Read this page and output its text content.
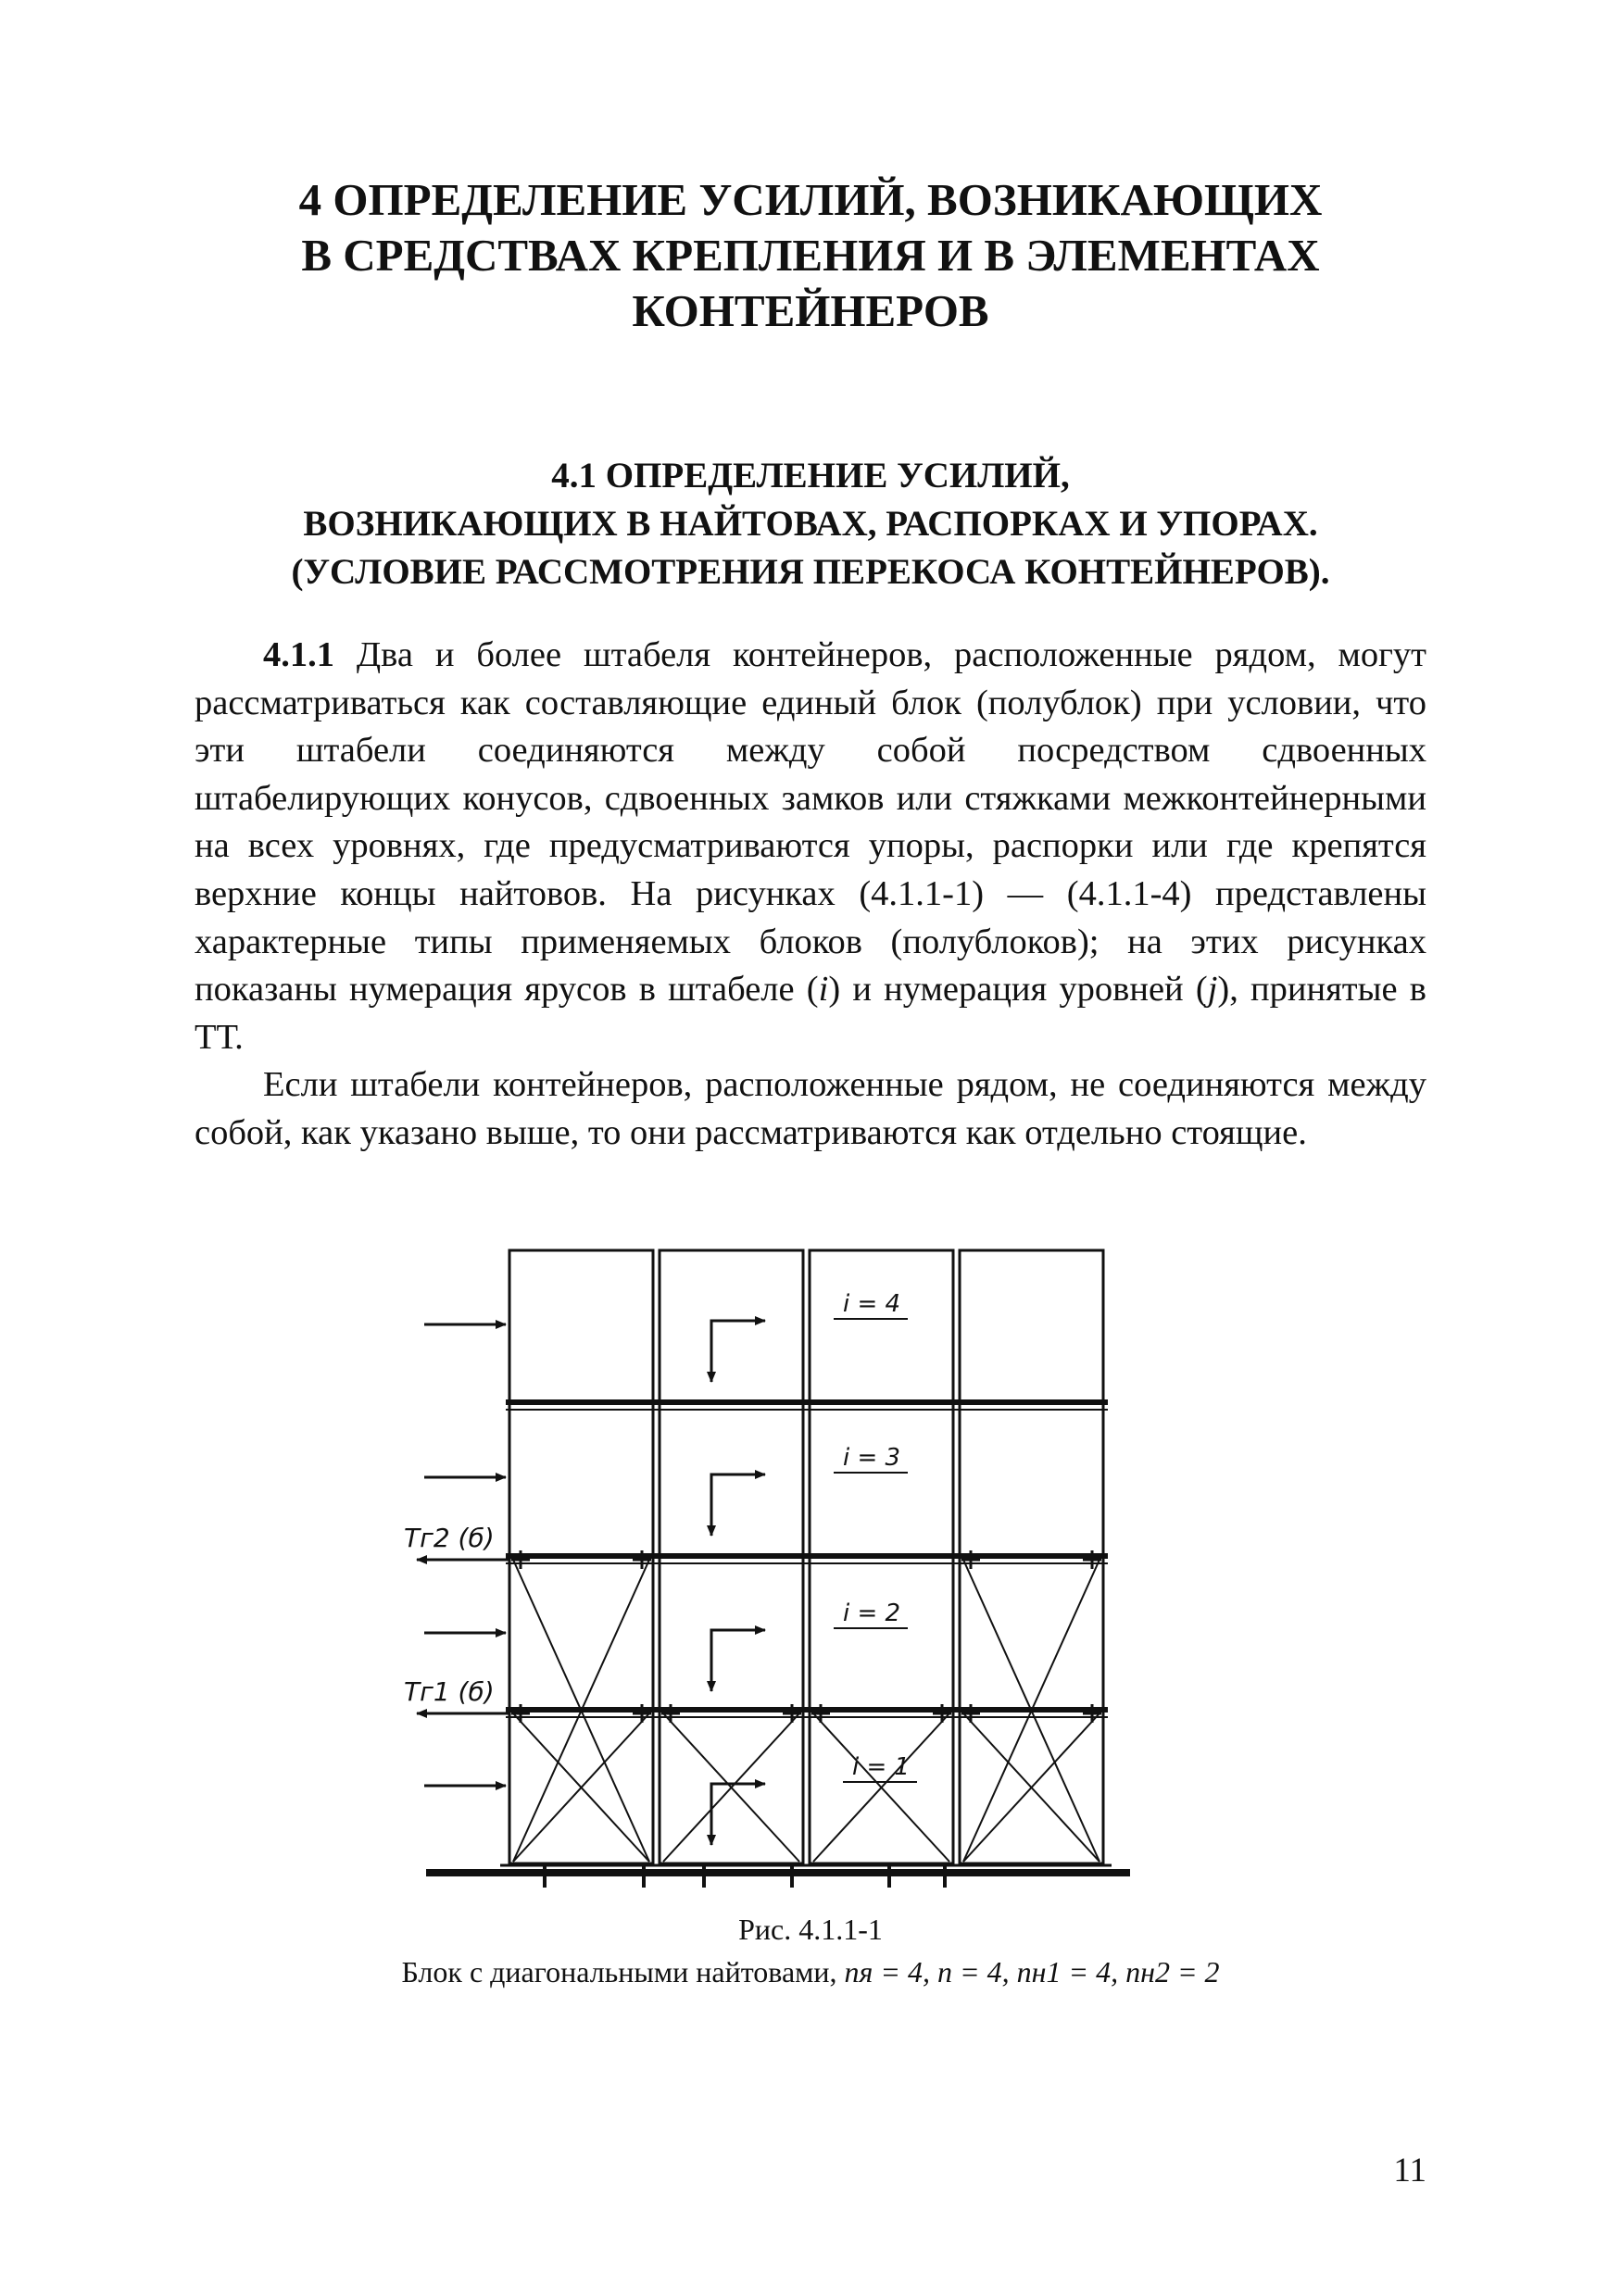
4 ОПРЕДЕЛЕНИЕ УСИЛИЙ, ВОЗНИКАЮЩИХ
В СРЕДСТВАХ КРЕПЛЕНИЯ И В ЭЛЕМЕНТАХ
КОНТЕЙНЕРОВ
4.1 ОПРЕДЕЛЕНИЕ УСИЛИЙ,
ВОЗНИКАЮЩИХ В НАЙТОВАХ, РАСПОРКАХ И УПОРАХ.
(УСЛОВИЕ РАССМОТРЕНИЯ ПЕРЕКОСА КОНТЕЙНЕРОВ).

4.1.1 Два и более штабеля контейнеров, расположенные рядом, могут рассматриваться как составляющие единый блок (полублок) при условии, что эти штабели соединяются между собой посредством сдвоенных штабелирующих конусов, сдвоенных замков или стяжками межконтейнерными на всех уровнях, где предусматриваются упоры, распорки или где крепятся верхние концы найтовов. На рисунках (4.1.1-1) — (4.1.1-4) представлены характерные типы применяемых блоков (полублоков); на этих рисунках показаны нумерация ярусов в штабеле (i) и нумерация уровней (j), принятые в ТТ.

Если штабели контейнеров, расположенные рядом, не соединяются между собой, как указано выше, то они рассматриваются как отдельно стоящие.

i = 4
i = 3
i = 2
i = 1
Tг2 (б)
Tг1 (б)
Рис. 4.1.1-1
Блок с диагональными найтовами, nя = 4, n = 4, nн1 = 4, nн2 = 2
11
